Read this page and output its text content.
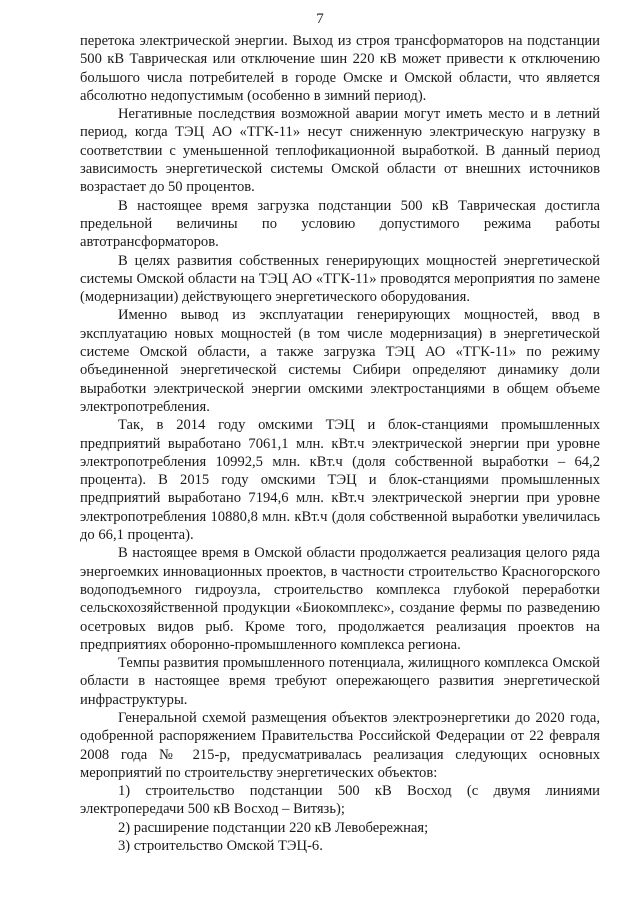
7

перетока электрической энергии. Выход из строя трансформаторов на подстанции 500 кВ Таврическая или отключение шин 220 кВ может привести к отключению большого числа потребителей в городе Омске и Омской области, что является абсолютно недопустимым (особенно в зимний период).

Негативные последствия возможной аварии могут иметь место и в летний период, когда ТЭЦ АО «ТГК-11» несут сниженную электрическую нагрузку в соответствии с уменьшенной теплофикационной выработкой. В данный период зависимость энергетической системы Омской области от внешних источников возрастает до 50 процентов.

В настоящее время загрузка подстанции 500 кВ Таврическая достигла предельной величины по условию допустимого режима работы автотрансформаторов.

В целях развития собственных генерирующих мощностей энергетической системы Омской области на ТЭЦ АО «ТГК-11» проводятся мероприятия по замене (модернизации) действующего энергетического оборудования.

Именно вывод из эксплуатации генерирующих мощностей, ввод в эксплуатацию новых мощностей (в том числе модернизация) в энергетической системе Омской области, а также загрузка ТЭЦ АО «ТГК-11» по режиму объединенной энергетической системы Сибири определяют динамику доли выработки электрической энергии омскими электростанциями в общем объеме электропотребления.

Так, в 2014 году омскими ТЭЦ и блок-станциями промышленных предприятий выработано 7061,1 млн. кВт.ч электрической энергии при уровне электропотребления 10992,5 млн. кВт.ч (доля собственной выработки – 64,2 процента). В 2015 году омскими ТЭЦ и блок-станциями промышленных предприятий выработано 7194,6 млн. кВт.ч электрической энергии при уровне электропотребления 10880,8 млн. кВт.ч (доля собственной выработки увеличилась до 66,1 процента).

В настоящее время в Омской области продолжается реализация целого ряда энергоемких инновационных проектов, в частности строительство Красногорского водоподъемного гидроузла, строительство комплекса глубокой переработки сельскохозяйственной продукции «Биокомплекс», создание фермы по разведению осетровых видов рыб. Кроме того, продолжается реализация проектов на предприятиях оборонно-промышленного комплекса региона.

Темпы развития промышленного потенциала, жилищного комплекса Омской области в настоящее время требуют опережающего развития энергетической инфраструктуры.

Генеральной схемой размещения объектов электроэнергетики до 2020 года, одобренной распоряжением Правительства Российской Федерации от 22 февраля 2008 года № 215-р, предусматривалась реализация следующих основных мероприятий по строительству энергетических объектов:

1) строительство подстанции 500 кВ Восход (с двумя линиями электропередачи 500 кВ Восход – Витязь);

2) расширение подстанции 220 кВ Левобережная;

3) строительство Омской ТЭЦ-6.
